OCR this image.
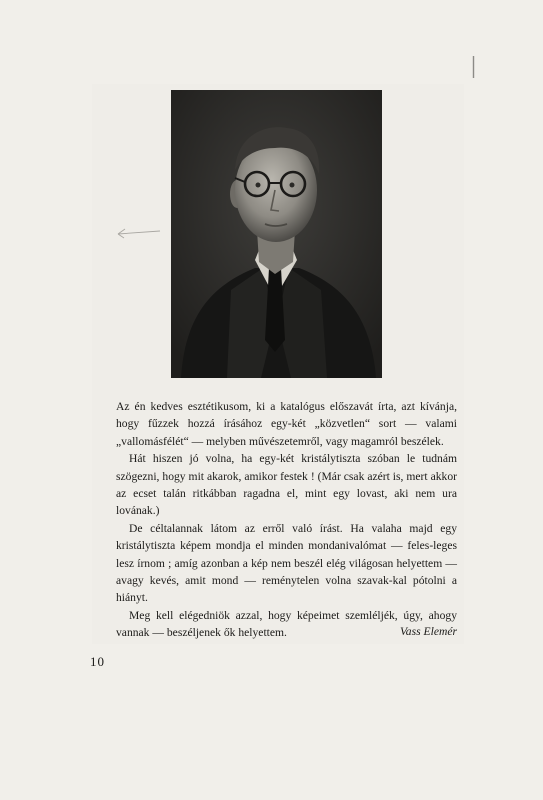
Az én kedves esztétikusom, ki a katalógus előszavát írta, azt kívánja, hogy fűzzek hozzá írásához egy-két „közvetlen“ sort — valami „vallomásfélét“ — melyben művészetemről, vagy magamról beszélek.

Hát hiszen jó volna, ha egy-két kristálytiszta szóban le tudnám szögezni, hogy mit akarok, amikor festek ! (Már csak azért is, mert akkor az ecset talán ritkábban ragadna el, mint egy lovast, aki nem ura lovának.)

De céltalannak látom az erről való írást. Ha valaha majd egy kristálytiszta képem mondja el minden mondanivalómat — feles-leges lesz írnom ; amíg azonban a kép nem beszél elég világosan helyettem — avagy kevés, amit mond — reménytelen volna szavak-kal pótolni a hiányt.

Meg kell elégedniök azzal, hogy képeimet szemléljék, úgy, ahogy vannak — beszéljenek ők helyettem.	Vass Elemér
10
